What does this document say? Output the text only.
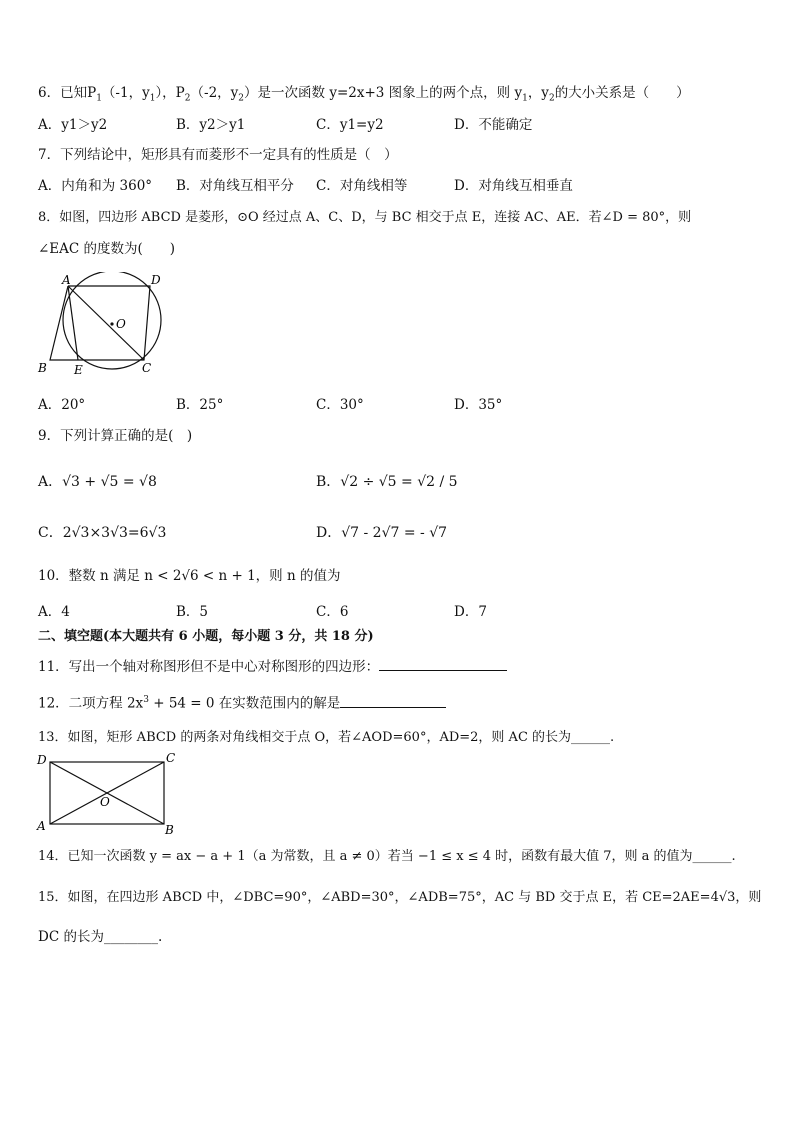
6．已知$P_1(-1$，$y_1$），$P_2(-2$，$y_2$）是一次函数 y=2x+3 图象上的两个点，则 $y_1$，$y_2$的大小关系是（　　）
A．y1＞y2	B．y2＞y1	C．y1=y2	D．不能确定
7．下列结论中，矩形具有而菱形不一定具有的性质是（　）
A．内角和为 360° B．对角线互相平分 C．对角线相等	D．对角线互相垂直
8．如图，四边形 ABCD 是菱形，⊙O 经过点 A、C、D，与 BC 相交于点 E，连接 AC、AE．若∠D = 80°，则
∠EAC 的度数为(　　)
A	D
O
B E	C
A．20°	B．25°	C．30°	D．35°
9．下列计算正确的是(　)
A．√3 + √5 = √8	B．√2 ÷ √5 = √2 / 5
C．2√3×3√3=6√3	D．√7 - 2√7 = - √7
10．整数 n 满足 n < 2√6 < n + 1，则 n 的值为
A．4	B．5	C．6	D．7
二、填空题(本大题共有 6 小题，每小题 3 分，共 18 分)
11．写出一个轴对称图形但不是中心对称图形的四边形：
12．二项方程 $2x^3 + 54 = 0$ 在实数范围内的解是
13．如图，矩形 ABCD 的两条对角线相交于点 O，若∠AOD=60°，AD=2，则 AC 的长为______.
D	C
O
A	B
14．已知一次函数 y = ax − a + 1（a 为常数，且 a ≠ 0）若当 −1 ≤ x ≤ 4 时，函数有最大值 7，则 a 的值为______.
15．如图，在四边形 ABCD 中，∠DBC=90°，∠ABD=30°，∠ADB=75°，AC 与 BD 交于点 E，若 CE=2AE=4√3，则
DC 的长为________.
